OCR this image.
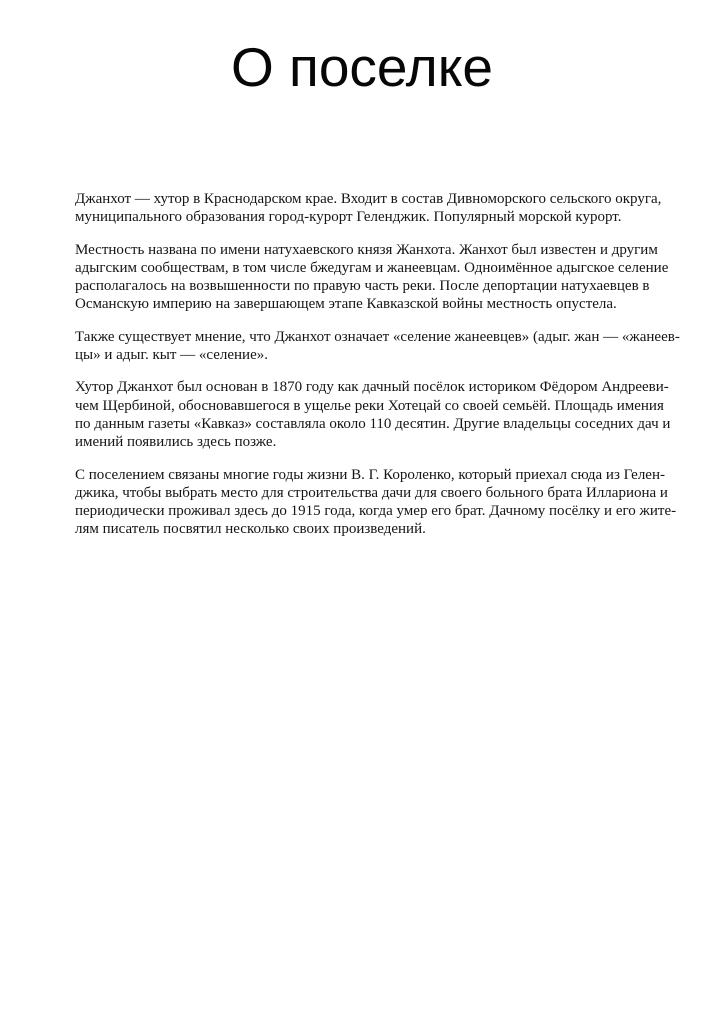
О поселке

Джанхот — хутор в Краснодарском крае. Входит в состав Дивноморского сельского округа,
муниципального образования город-курорт Геленджик. Популярный морской курорт.

Местность названа по имени натухаевского князя Жанхота. Жанхот был известен и другим
адыгским сообществам, в том числе бжедугам и жанеевцам. Одноимённое адыгское селение
располагалось на возвышенности по правую часть реки. После депортации натухаевцев в
Османскую империю на завершающем этапе Кавказской войны местность опустела.

Также существует мнение, что Джанхот означает «селение жанеевцев» (адыг. жан — «жанеев-
цы» и адыг. кыт — «селение».

Хутор Джанхот был основан в 1870 году как дачный посёлок историком Фёдором Андрееви-
чем Щербиной, обосновавшегося в ущелье реки Хотецай со своей семьёй. Площадь имения
по данным газеты «Кавказ» составляла около 110 десятин. Другие владельцы соседних дач и
имений появились здесь позже.

С поселением связаны многие годы жизни В. Г. Короленко, который приехал сюда из Гелен-
джика, чтобы выбрать место для строительства дачи для своего больного брата Иллариона и
периодически проживал здесь до 1915 года, когда умер его брат. Дачному посёлку и его жите-
лям писатель посвятил несколько своих произведений.
